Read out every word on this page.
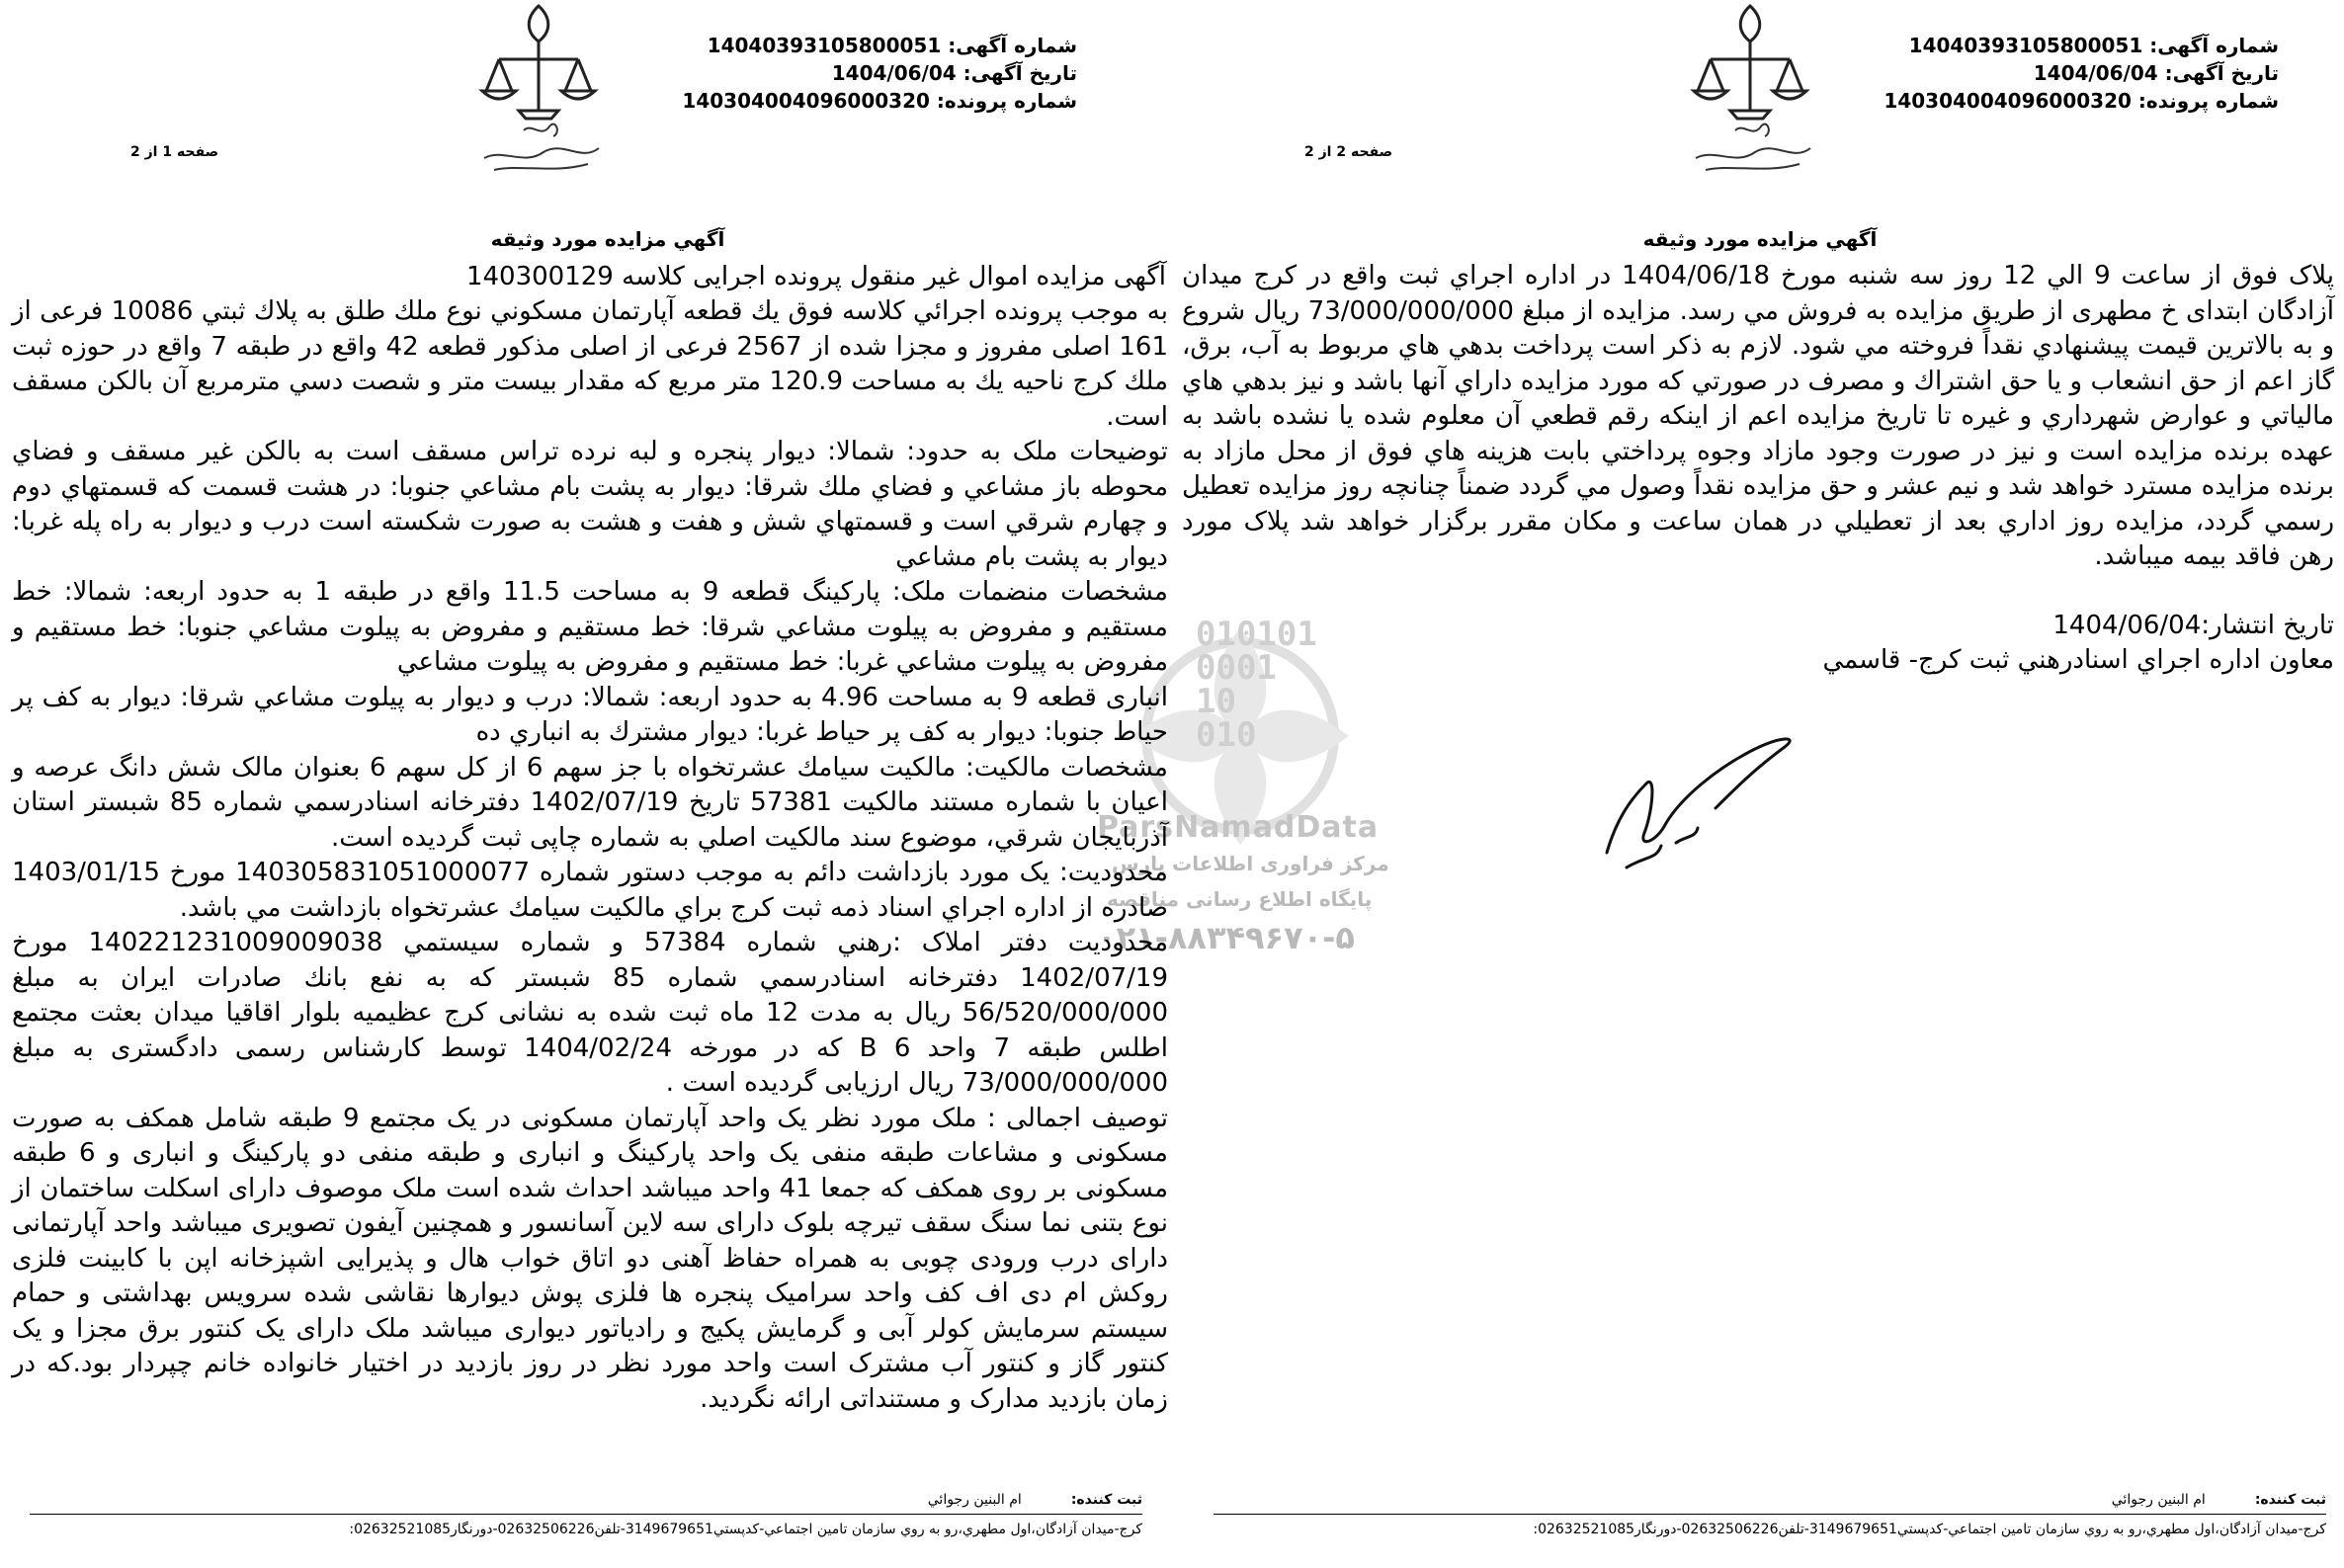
010101
0001
10
010
ParsNamadData
مرکز فراوری اطلاعات پارس
پایگاه اطلاع رسانی مناقصه
۰۲۱-۸۸۳۴۹۶۷۰-۵
شماره آگهی: 14040393105800051
تاریخ آگهی: 1404/06/04
شماره پرونده: 140304004096000320
صفحه 1 از 2
آگهي مزايده مورد وثيقه
آگهی مزایده اموال غیر منقول پرونده اجرایی کلاسه 140300129

به موجب پرونده اجرائي كلاسه فوق يك قطعه آپارتمان مسكوني نوع ملك طلق به پلاك ثبتي 10086 فرعی از 161 اصلی مفروز و مجزا شده از 2567 فرعی از اصلی مذکور قطعه 42 واقع در طبقه 7 واقع در حوزه ثبت ملك كرج ناحيه يك به مساحت 120.9 متر مربع كه مقدار بيست متر و شصت دسي مترمربع آن بالكن مسقف است.

توضيحات ملک به حدود: شمالا: ديوار پنجره و لبه نرده تراس مسقف است به بالكن غير مسقف و فضاي محوطه باز مشاعي و فضاي ملك شرقا: ديوار به پشت بام مشاعي جنوبا: در هشت قسمت كه قسمتهاي دوم و چهارم شرقي است و قسمتهاي شش و هفت و هشت به صورت شكسته است درب و ديوار به راه پله غربا: ديوار به پشت بام مشاعي

مشخصات منضمات ملک: پاركينگ قطعه 9 به مساحت 11.5 واقع در طبقه 1 به حدود اربعه: شمالا: خط مستقيم و مفروض به پيلوت مشاعي شرقا: خط مستقيم و مفروض به پيلوت مشاعي جنوبا: خط مستقيم و مفروض به پيلوت مشاعي غربا: خط مستقيم و مفروض به پيلوت مشاعي

انباری قطعه 9 به مساحت 4.96 به حدود اربعه: شمالا: درب و ديوار به پيلوت مشاعي شرقا: ديوار به كف پر حياط جنوبا: ديوار به كف پر حياط غربا: ديوار مشترك به انباري ده

مشخصات مالکیت: مالكيت سيامك عشرتخواه با جز سهم 6 از كل سهم 6 بعنوان مالک شش دانگ عرصه و اعیان با شماره مستند مالكيت 57381 تاريخ 1402/07/19 دفترخانه اسنادرسمي شماره 85 شبستر استان آذربايجان شرقي، موضوع سند مالكيت اصلي به شماره چاپی ثبت گرديده است.

محدوديت: يک مورد بازداشت دائم به موجب دستور شماره 140305831051000077 مورخ 1403/01/15 صادره از اداره اجراي اسناد ذمه ثبت كرج براي مالكيت سيامك عشرتخواه بازداشت مي باشد.

محدوديت دفتر املاک :رهني شماره 57384 و شماره سيستمي 140221231009009038 مورخ 1402/07/19 دفترخانه اسنادرسمي شماره 85 شبستر كه به نفع بانك صادرات ايران به مبلغ 56/520/000/000 ريال به مدت 12 ماه ثبت شده به نشانی كرج عظيميه بلوار اقاقيا ميدان بعثت مجتمع اطلس طبقه 7 واحد 6 B كه در مورخه 1404/02/24 توسط کارشناس رسمی دادگستری به مبلغ 73/000/000/000 ريال ارزيابی گرديده است .

توصيف اجمالی : ملک مورد نظر يک واحد آپارتمان مسکونی در يک مجتمع 9 طبقه شامل همکف به صورت مسکونی و مشاعات طبقه منفی يک واحد پارکينگ و انباری و طبقه منفی دو پارکينگ و انباری و 6 طبقه مسکونی بر روی همکف که جمعا 41 واحد ميباشد احداث شده است ملک موصوف دارای اسکلت ساختمان از نوع بتنی نما سنگ سقف تيرچه بلوک دارای سه لاين آسانسور و همچنين آيفون تصويری ميباشد واحد آپارتمانی دارای درب ورودی چوبی به همراه حفاظ آهنی دو اتاق خواب هال و پذيرايی اشپزخانه اپن با کابينت فلزی روکش ام دی اف کف واحد سراميک پنجره ها فلزی پوش ديوارها نقاشی شده سرويس بهداشتی و حمام سيستم سرمايش کولر آبی و گرمايش پکيج و رادياتور ديواری ميباشد ملک دارای يک کنتور برق مجزا و يک کنتور گاز و کنتور آب مشترک است واحد مورد نظر در روز بازديد در اختيار خانواده خانم چپردار بود.که در زمان بازديد مدارک و مستنداتی ارائه نگرديد.

ثبت كننده:ام البنين رجوائي
كرج-ميدان آزادگان،اول مطهري،رو به روي سازمان تامين اجتماعي-كدپستي3149679651-تلفن02632506226-دورنگار02632521085:
شماره آگهی: 14040393105800051
تاریخ آگهی: 1404/06/04
شماره پرونده: 140304004096000320
صفحه 2 از 2
آگهي مزايده مورد وثيقه

پلاک فوق از ساعت 9 الي 12 روز سه شنبه مورخ 1404/06/18 در اداره اجراي ثبت واقع در كرج ميدان آزادگان ابتدای خ مطهری از طريق مزايده به فروش مي رسد. مزايده از مبلغ 73/000/000/000 ريال شروع و به بالاترين قيمت پيشنهادي نقداً فروخته مي شود. لازم به ذكر است پرداخت بدهي هاي مربوط به آب، برق، گاز اعم از حق انشعاب و يا حق اشتراك و مصرف در صورتي كه مورد مزايده داراي آنها باشد و نيز بدهي هاي مالياتي و عوارض شهرداري و غيره تا تاريخ مزايده اعم از اينكه رقم قطعي آن معلوم شده يا نشده باشد به عهده برنده مزايده است و نيز در صورت وجود مازاد وجوه پرداختي بابت هزينه هاي فوق از محل مازاد به برنده مزايده مسترد خواهد شد و نيم عشر و حق مزايده نقداً وصول مي گردد ضمناً چنانچه روز مزايده تعطيل رسمي گردد، مزايده روز اداري بعد از تعطيلي در همان ساعت و مكان مقرر برگزار خواهد شد پلاک مورد رهن فاقد بيمه ميباشد.

تاريخ انتشار:1404/06/04
معاون اداره اجراي اسنادرهني ثبت كرج- قاسمي
ثبت كننده:ام البنين رجوائي
كرج-ميدان آزادگان،اول مطهري،رو به روي سازمان تامين اجتماعي-كدپستي3149679651-تلفن02632506226-دورنگار02632521085:
